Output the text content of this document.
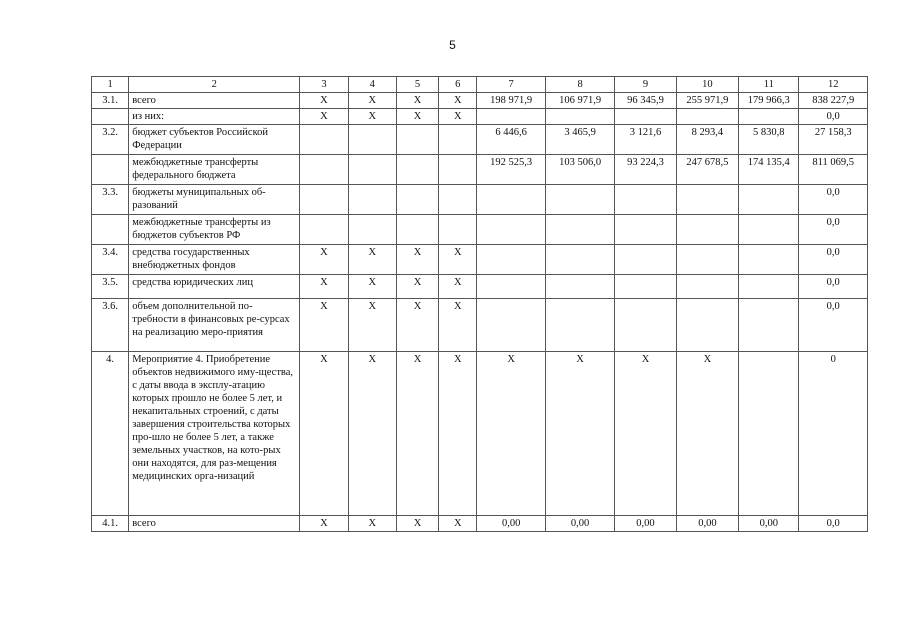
5
1	2	3	4	5	6	7	8	9	10	11	12
3.1.	всего	X	X	X	X	198 971,9	106 971,9	96 345,9	255 971,9	179 966,3	838 227,9
	из них:	X	X	X	X						0,0
3.2.	бюджет субъектов Российской Федерации					6 446,6	3 465,9	3 121,6	8 293,4	5 830,8	27 158,3
	межбюджетные трансферты федерального бюджета					192 525,3	103 506,0	93 224,3	247 678,5	174 135,4	811 069,5
3.3.	бюджеты муниципальных об-разований										0,0
	межбюджетные трансферты из бюджетов субъектов РФ										0,0
3.4.	средства государственных внебюджетных фондов	X	X	X	X						0,0
3.5.	средства юридических лиц	X	X	X	X						0,0
3.6.	объем дополнительной по-требности в финансовых ре-сурсах на реализацию меро-приятия	X	X	X	X						0,0
4.	Мероприятие 4. Приобретение объектов недвижимого иму-щества, с даты ввода в эксплу-атацию которых прошло не более 5 лет, и некапитальных строений, с даты завершения строительства которых про-шло не более 5 лет, а также земельных участков, на кото-рых они находятся, для раз-мещения медицинских орга-низаций	X	X	X	X	X	X	X	X		0
4.1.	всего	X	X	X	X	0,00	0,00	0,00	0,00	0,00	0,0
